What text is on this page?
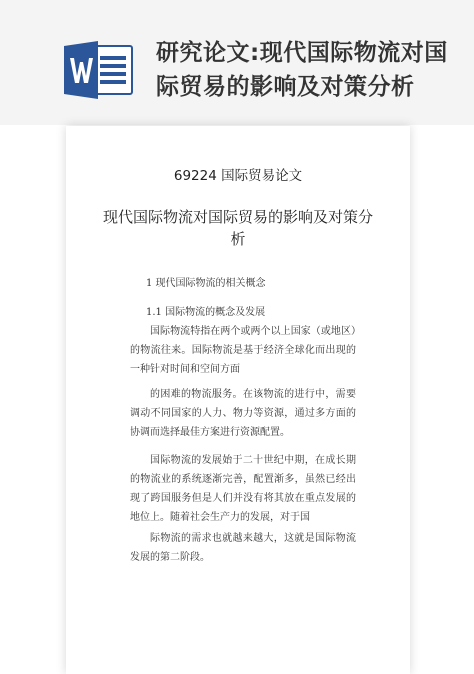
研究论文:现代国际物流对国际贸易的影响及对策分析
69224 国际贸易论文
现代国际物流对国际贸易的影响及对策分析
1 现代国际物流的相关概念
1.1 国际物流的概念及发展
国际物流特指在两个或两个以上国家（或地区）的物流往来。国际物流是基于经济全球化而出现的一种针对时间和空间方面
的困难的物流服务。在该物流的进行中，需要调动不同国家的人力、物力等资源，通过多方面的协调而选择最佳方案进行资源配置。
国际物流的发展始于二十世纪中期，在成长期的物流业的系统逐渐完善，配置渐多，虽然已经出现了跨国服务但是人们并没有将其放在重点发展的地位上。随着社会生产力的发展，对于国
际物流的需求也就越来越大，这就是国际物流发展的第二阶段。
